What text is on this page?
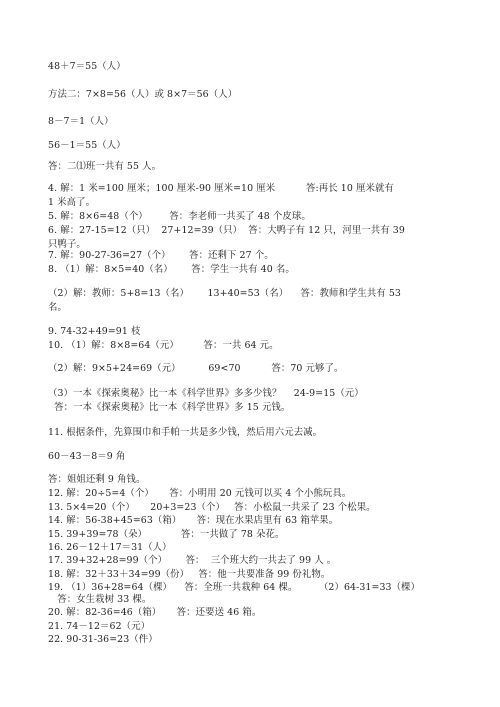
48＋7＝55（人）

方法二：7×8=56（人）或 8×7＝56（人）

8－7＝1（人）

56－1＝55（人）

答：二⑴班一共有 55 人。

4. 解：1 米=100 厘米；100 厘米-90 厘米=10 厘米          答:再长 10 厘米就有

1 米高了。

5. 解：8×6=48（个）       答：李老师一共买了 48 个皮球。

6. 解：27-15=12（只）  27+12=39（只）  答：大鸭子有 12 只，河里一共有 39

只鸭子。

7. 解：90-27-36=27（个）      答：还剩下 27 个。

8. （1）解：8×5=40（名）      答：学生一共有 40 名。

（2）解：教师：5+8=13（名）      13+40=53（名）    答：教师和学生共有 53

名。

9. 74-32+49=91 枝

10. （1）解：8×8=64（元）        答：一共 64 元。

（2）解：9×5+24=69（元）         69<70          答：70 元够了。

（3）一本《探索奥秘》比一本《科学世界》多多少钱？    24-9=15（元）

答：一本《探索奥秘》比一本《科学世界》多 15 元钱。

11. 根据条件，先算围巾和手帕一共是多少钱，然后用六元去减。

60－43－8＝9 角

答：姐姐还剩 9 角钱。

12. 解：20÷5=4（个）     答：小明用 20 元钱可以买 4 个小熊玩具。

13. 5×4=20（个）     20+3=23（个）   答：小松鼠一共采了 23 个松果。

14. 解：56-38+45=63（箱）     答：现在水果店里有 63 箱苹果。

15. 39+39=78（朵）           答：一共做了 78 朵花。

16. 26－12＋17＝31（人）

17. 39+32+28=99（个）      答：  三个班大约一共去了 99 人 。

18. 解：32＋33＋34=99（份）   答：他一共要准备 99 份礼物。

19. （1）36+28=64（棵）    答：全班一共栽种 64 棵。       （2）64-31=33（棵）

答：女生栽树 33 棵。

20. 解：82-36=46（箱）     答：还要送 46 箱。

21. 74－12＝62（元）

22. 90-31-36=23（件）
